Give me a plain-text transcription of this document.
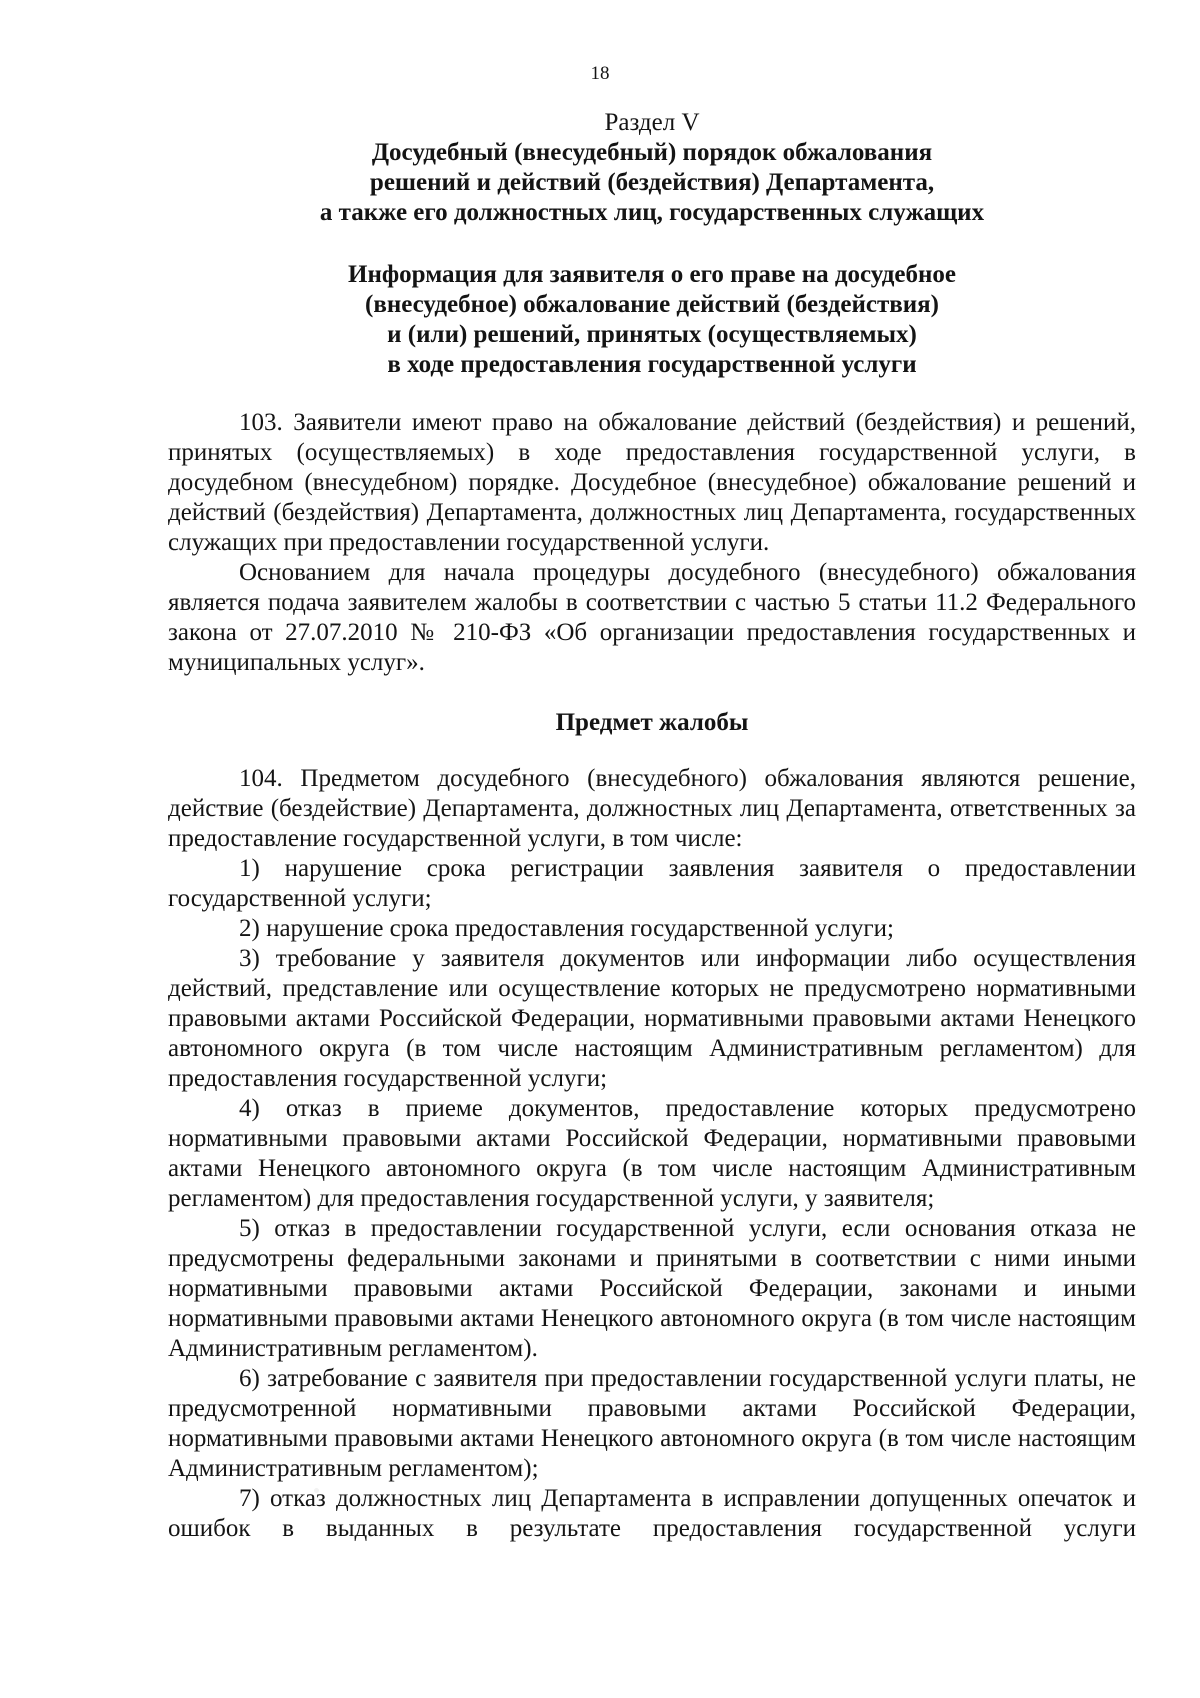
18
Раздел V
Досудебный (внесудебный) порядок обжалования
решений и действий (бездействия) Департамента,
а также его должностных лиц, государственных служащих
Информация для заявителя о его праве на досудебное
(внесудебное) обжалование действий (бездействия)
и (или) решений, принятых (осуществляемых)
в ходе предоставления государственной услуги

103. Заявители имеют право на обжалование действий (бездействия) и решений, принятых (осуществляемых) в ходе предоставления государственной услуги, в досудебном (внесудебном) порядке. Досудебное (внесудебное) обжалование решений и действий (бездействия) Департамента, должностных лиц Департамента, государственных служащих при предоставлении государственной услуги.

Основанием для начала процедуры досудебного (внесудебного) обжалования является подача заявителем жалобы в соответствии с частью 5 статьи 11.2 Федерального закона от 27.07.2010 № 210-ФЗ «Об организации предоставления государственных и муниципальных услуг».

Предмет жалобы

104. Предметом досудебного (внесудебного) обжалования являются решение, действие (бездействие) Департамента, должностных лиц Департамента, ответственных за предоставление государственной услуги, в том числе:

1) нарушение срока регистрации заявления заявителя о предоставлении государственной услуги;

2) нарушение срока предоставления государственной услуги;

3) требование у заявителя документов или информации либо осуществления действий, представление или осуществление которых не предусмотрено нормативными правовыми актами Российской Федерации, нормативными правовыми актами Ненецкого автономного округа (в том числе настоящим Административным регламентом) для предоставления государственной услуги;

4) отказ в приеме документов, предоставление которых предусмотрено нормативными правовыми актами Российской Федерации, нормативными правовыми актами Ненецкого автономного округа (в том числе настоящим Административным регламентом) для предоставления государственной услуги, у заявителя;

5) отказ в предоставлении государственной услуги, если основания отказа не предусмотрены федеральными законами и принятыми в соответствии с ними иными нормативными правовыми актами Российской Федерации, законами и иными нормативными правовыми актами Ненецкого автономного округа (в том числе настоящим Административным регламентом).

6) затребование с заявителя при предоставлении государственной услуги платы, не предусмотренной нормативными правовыми актами Российской Федерации, нормативными правовыми актами Ненецкого автономного округа (в том числе настоящим Административным регламентом);

7) отказ должностных лиц Департамента в исправлении допущенных опечаток и ошибок в выданных в результате предоставления государственной услуги
